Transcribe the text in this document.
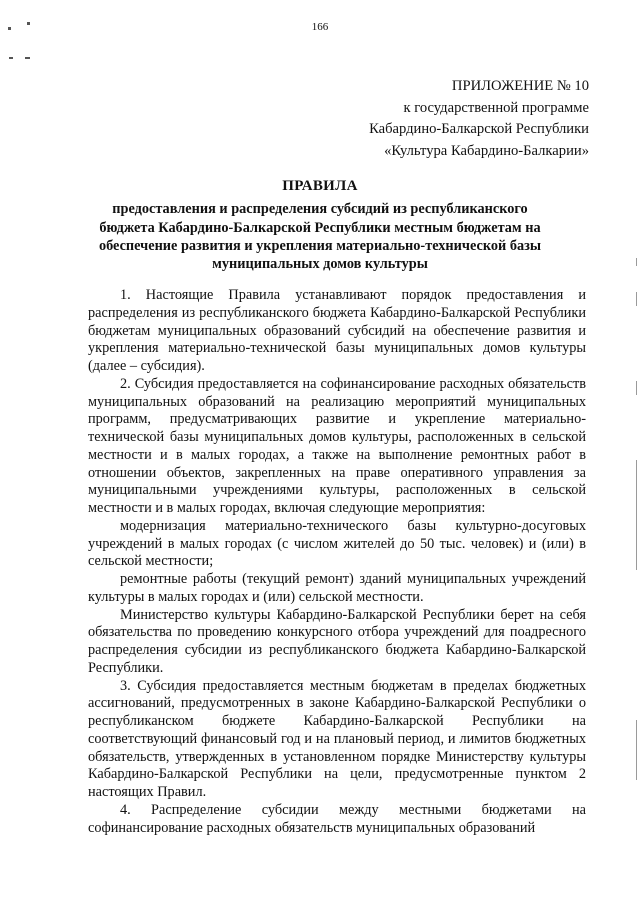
166
ПРИЛОЖЕНИЕ № 10
к государственной программе
Кабардино-Балкарской Республики
«Культура Кабардино-Балкарии»
ПРАВИЛА
предоставления и распределения субсидий из республиканского
бюджета Кабардино-Балкарской Республики местным бюджетам на
обеспечение развития и укрепления материально-технической базы
муниципальных домов культуры

1. Настоящие Правила устанавливают порядок предоставления и распределения из республиканского бюджета Кабардино-Балкарской Республики бюджетам муниципальных образований субсидий на обеспечение развития и укрепления материально-технической базы муниципальных домов культуры (далее – субсидия).

2. Субсидия предоставляется на софинансирование расходных обязательств муниципальных образований на реализацию мероприятий муниципальных программ, предусматривающих развитие и укрепление материально-технической базы муниципальных домов культуры, расположенных в сельской местности и в малых городах, а также на выполнение ремонтных работ в отношении объектов, закрепленных на праве оперативного управления за муниципальными учреждениями культуры, расположенных в сельской местности и в малых городах, включая следующие мероприятия:

модернизация материально-технического базы культурно-досуговых учреждений в малых городах (с числом жителей до 50 тыс. человек) и (или) в сельской местности;

ремонтные работы (текущий ремонт) зданий муниципальных учреждений культуры в малых городах и (или) сельской местности.

Министерство культуры Кабардино-Балкарской Республики берет на себя обязательства по проведению конкурсного отбора учреждений для поадресного распределения субсидии из республиканского бюджета Кабардино-Балкарской Республики.

3. Субсидия предоставляется местным бюджетам в пределах бюджетных ассигнований, предусмотренных в законе Кабардино-Балкарской Республики о республиканском бюджете Кабардино-Балкарской Республики на соответствующий финансовый год и на плановый период, и лимитов бюджетных обязательств, утвержденных в установленном порядке Министерству культуры Кабардино-Балкарской Республики на цели, предусмотренные пунктом 2 настоящих Правил.

4. Распределение субсидии между местными бюджетами на софинансирование расходных обязательств муниципальных образований
